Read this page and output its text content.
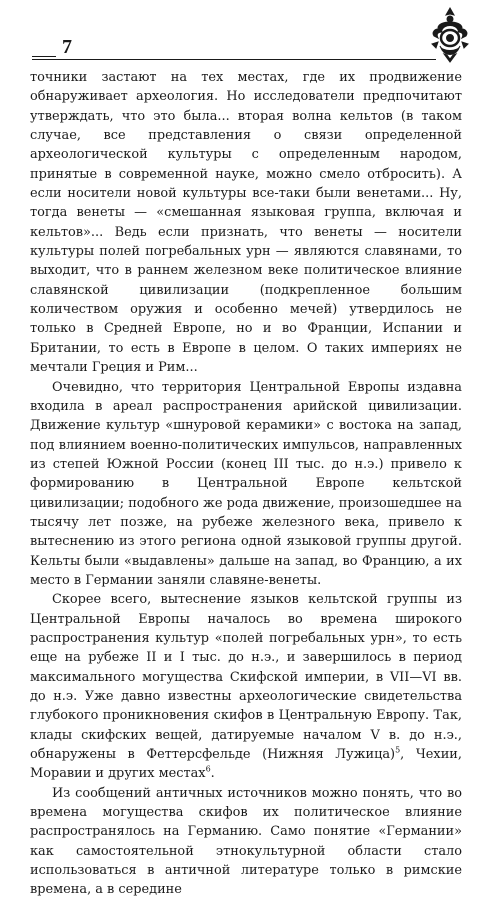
7

точники застают на тех местах, где их продвижение обнаруживает археология. Но исследователи предпочитают утверждать, что это была... вторая волна кельтов (в таком случае, все представления о связи определенной археологической культуры с определенным народом, принятые в современной науке, можно смело отбросить). А если носители новой культуры все-таки были венетами... Ну, тогда венеты — «смешанная языковая группа, включая и кельтов»... Ведь если признать, что венеты — носители культуры полей погребальных урн — являются славянами, то выходит, что в раннем железном веке политическое влияние славянской цивилизации (подкрепленное большим количеством оружия и особенно мечей) утвердилось не только в Средней Европе, но и во Франции, Испании и Британии, то есть в Европе в целом. О таких империях не мечтали Греция и Рим...

Очевидно, что территория Центральной Европы издавна входила в ареал распространения арийской цивилизации. Движение культур «шнуровой керамики» с востока на запад, под влиянием военно-политических импульсов, направленных из степей Южной России (конец III тыс. до н.э.) привело к формированию в Центральной Европе кельтской цивилизации; подобного же рода движение, произошедшее на тысячу лет позже, на рубеже железного века, привело к вытеснению из этого региона одной языковой группы другой. Кельты были «выдавлены» дальше на запад, во Францию, а их место в Германии заняли славяне-венеты.

Скорее всего, вытеснение языков кельтской группы из Центральной Европы началось во времена широкого распространения культур «полей погребальных урн», то есть еще на рубеже II и I тыс. до н.э., и завершилось в период максимального могущества Скифской империи, в VII—VI вв. до н.э. Уже давно известны археологические свидетельства глубокого проникновения скифов в Центральную Европу. Так, клады скифских вещей, датируемые началом V в. до н.э., обнаружены в Феттерсфельде (Нижняя Лужица)$^5$, Чехии, Моравии и других местах$^6$.

Из сообщений античных источников можно понять, что во времена могущества скифов их политическое влияние распространялось на Германию. Само понятие «Германии» как самостоятельной этнокультурной области стало использоваться в античной литературе только в римские времена, а в середине
